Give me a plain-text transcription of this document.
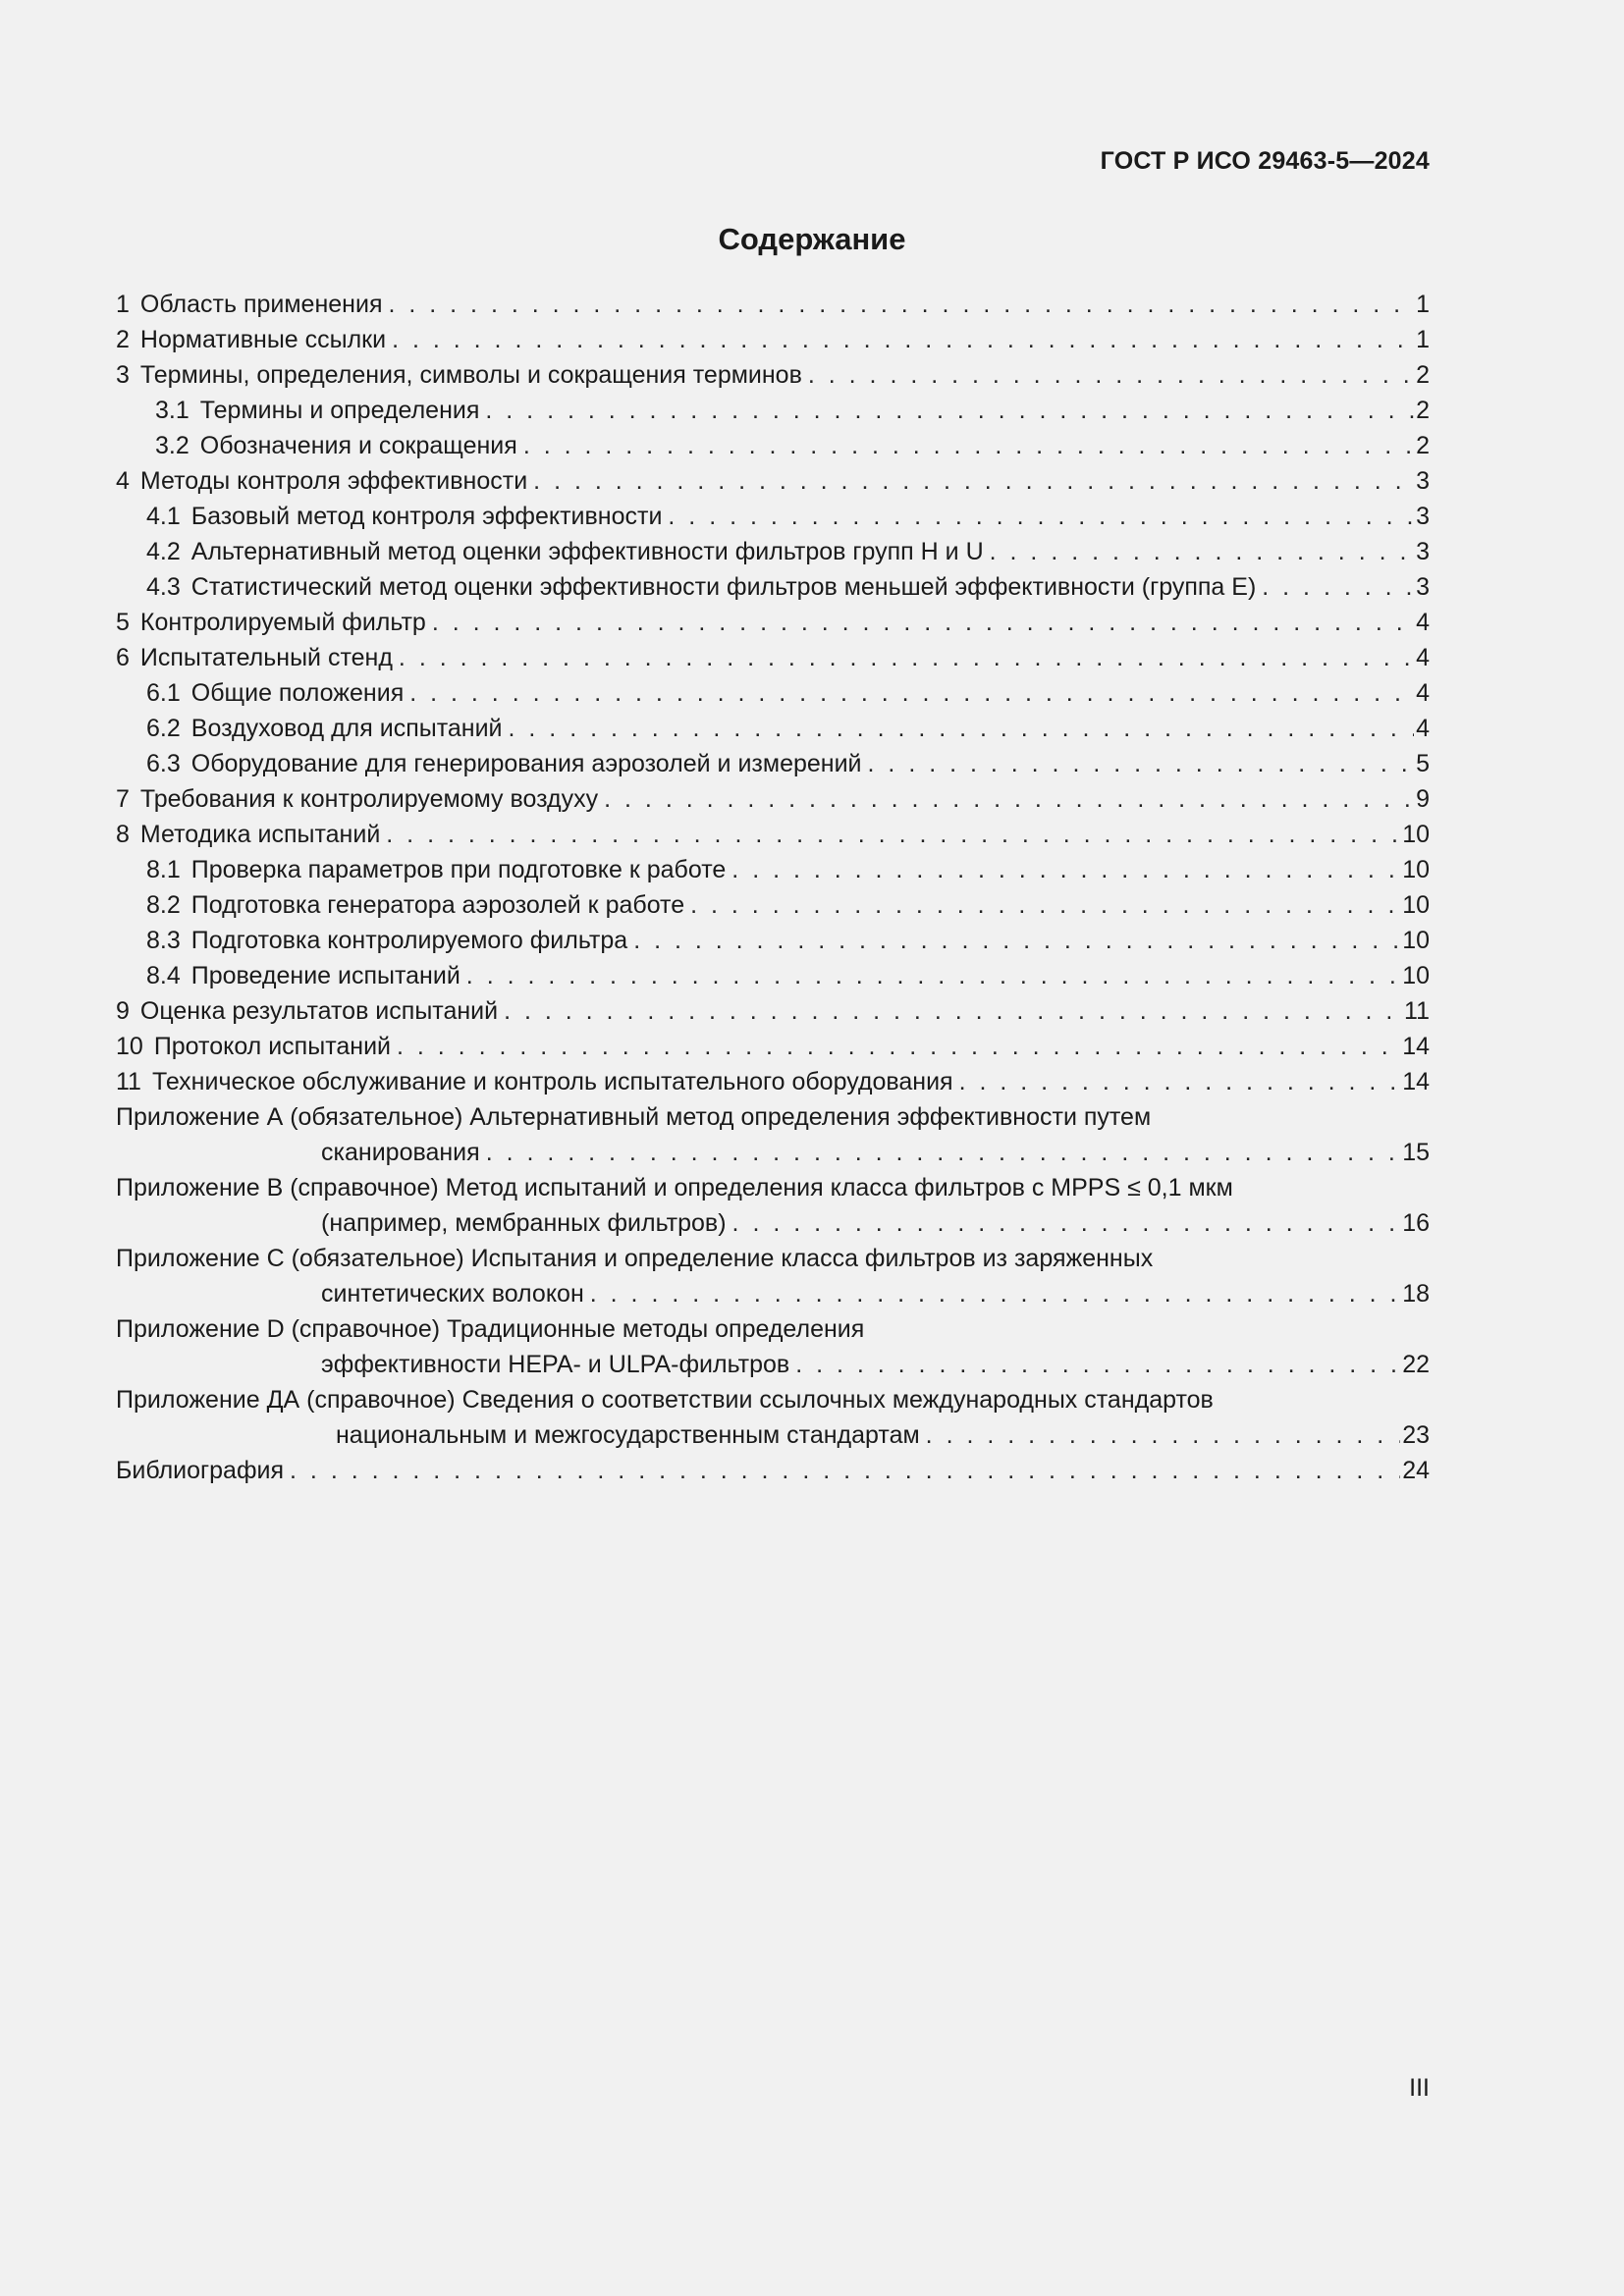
ГОСТ Р ИСО 29463-5—2024
Содержание
1 Область применения . . .	1
2 Нормативные ссылки . . .	1
3 Термины, определения, символы и сокращения терминов . . .	2
3.1 Термины и определения . . .	2
3.2 Обозначения и сокращения . . .	2
4 Методы контроля эффективности . . .	3
4.1 Базовый метод контроля эффективности . . .	3
4.2 Альтернативный метод оценки эффективности фильтров групп H и U . . .	3
4.3 Статистический метод оценки эффективности фильтров меньшей эффективности (группа E) . . .	3
5 Контролируемый фильтр . . .	4
6 Испытательный стенд . . .	4
6.1 Общие положения . . .	4
6.2 Воздуховод для испытаний . . .	4
6.3 Оборудование для генерирования аэрозолей и измерений . . .	5
7 Требования к контролируемому воздуху . . .	9
8 Методика испытаний . . .	10
8.1 Проверка параметров при подготовке к работе . . .	10
8.2 Подготовка генератора аэрозолей к работе . . .	10
8.3 Подготовка контролируемого фильтра . . .	10
8.4 Проведение испытаний . . .	10
9 Оценка результатов испытаний . . .	11
10 Протокол испытаний . . .	14
11 Техническое обслуживание и контроль испытательного оборудования . . .	14
Приложение А (обязательное) Альтернативный метод определения эффективности путем
сканирования . . .	15
Приложение В (справочное) Метод испытаний и определения класса фильтров с MPPS ≤ 0,1 мкм
(например, мембранных фильтров) . . .	16
Приложение С (обязательное) Испытания и определение класса фильтров из заряженных
синтетических волокон . . .	18
Приложение D (справочное) Традиционные методы определения
эффективности HEPA- и ULPA-фильтров . . .	22
Приложение ДА (справочное) Сведения о соответствии ссылочных международных стандартов
национальным и межгосударственным стандартам . . .	23
Библиография . . .	24
III
